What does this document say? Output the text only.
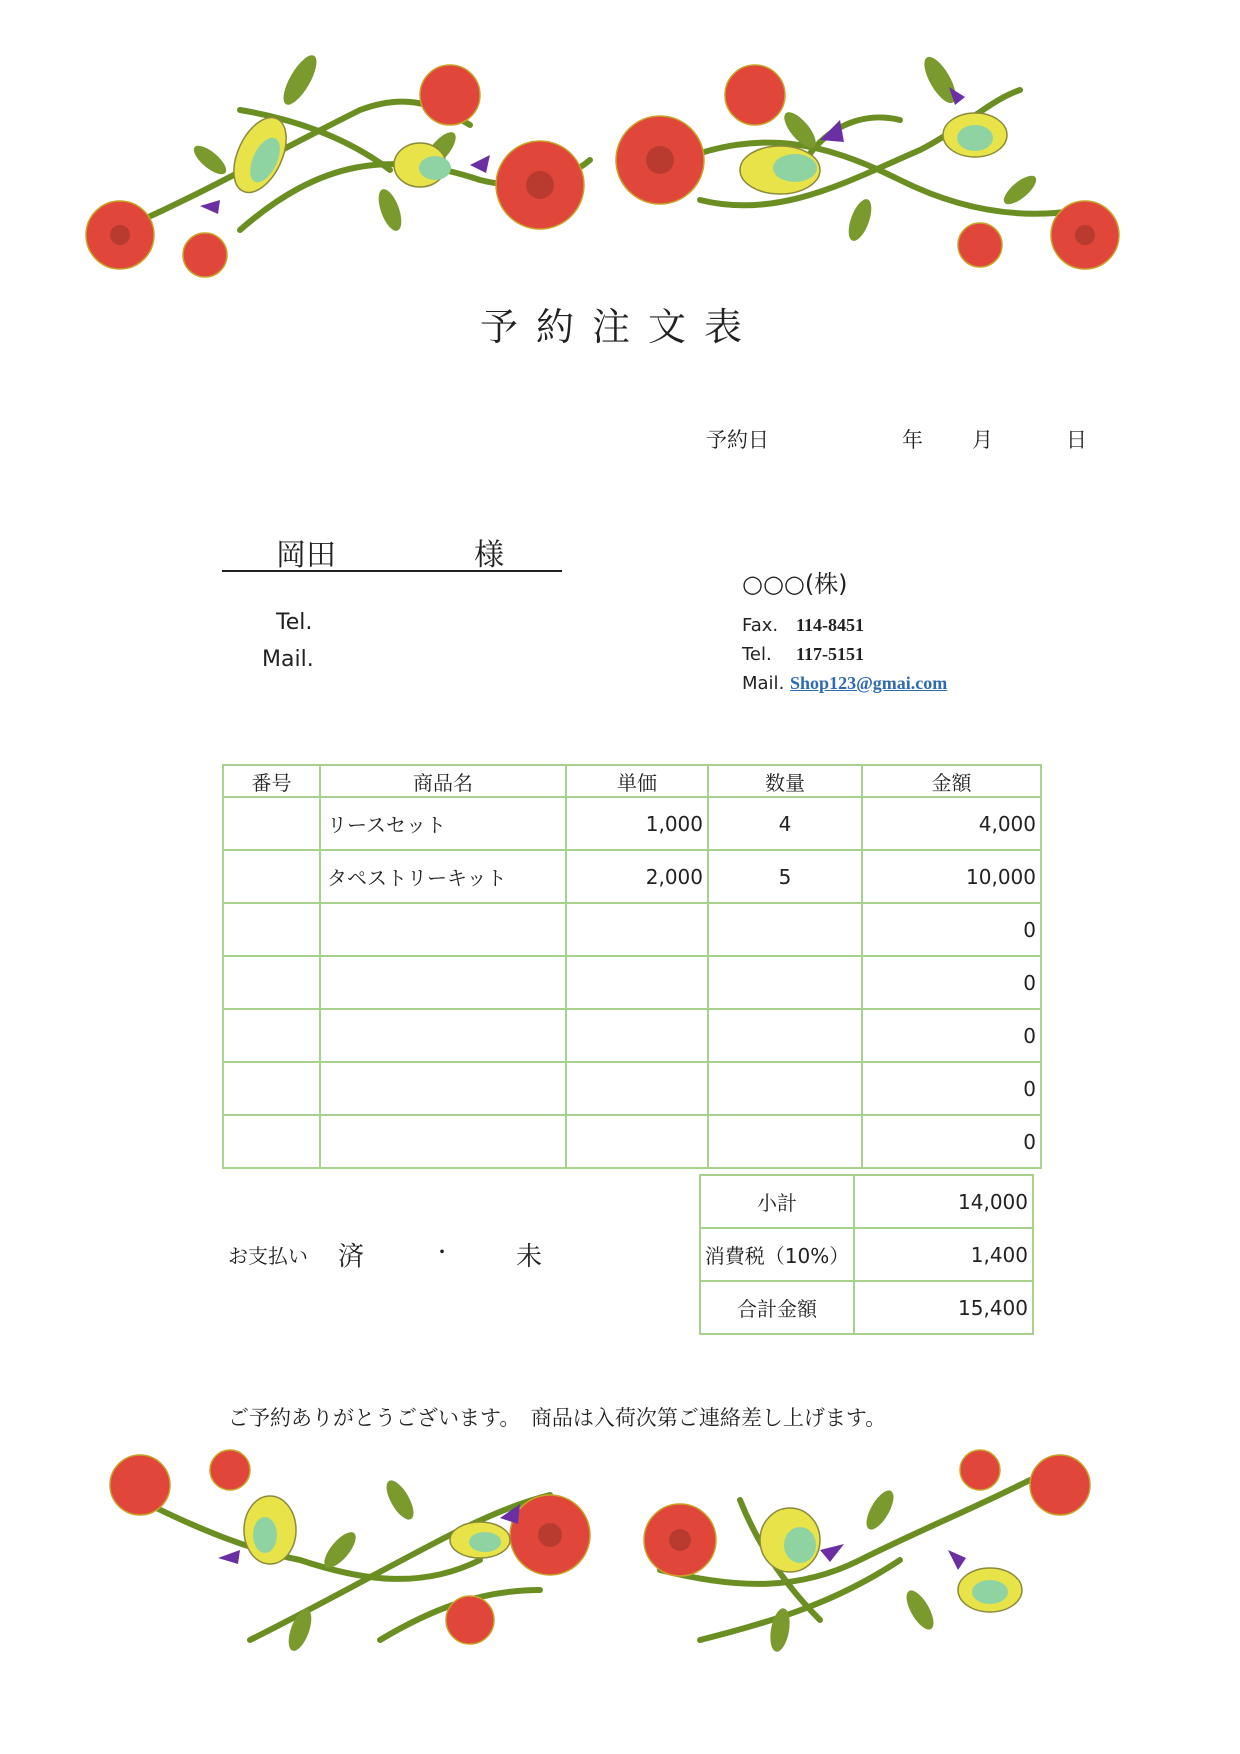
予約注文表
予約日	年 月	日
岡田	様
Tel.
Mail.
○○○(株)
Fax. 114-8451
Tel. 117-5151
Mail. Shop123@gmai.com
番号	商品名	単価	数量	金額
	リースセット	1,000	4	4,000
	タペストリーキット	2,000	5	10,000
				0
				0
				0
				0
				0
小計	14,000
消費税（10%）	1,400
合計金額	15,400
お支払い 済	・ 未
ご予約ありがとうございます。　商品は入荷次第ご連絡差し上げます。
